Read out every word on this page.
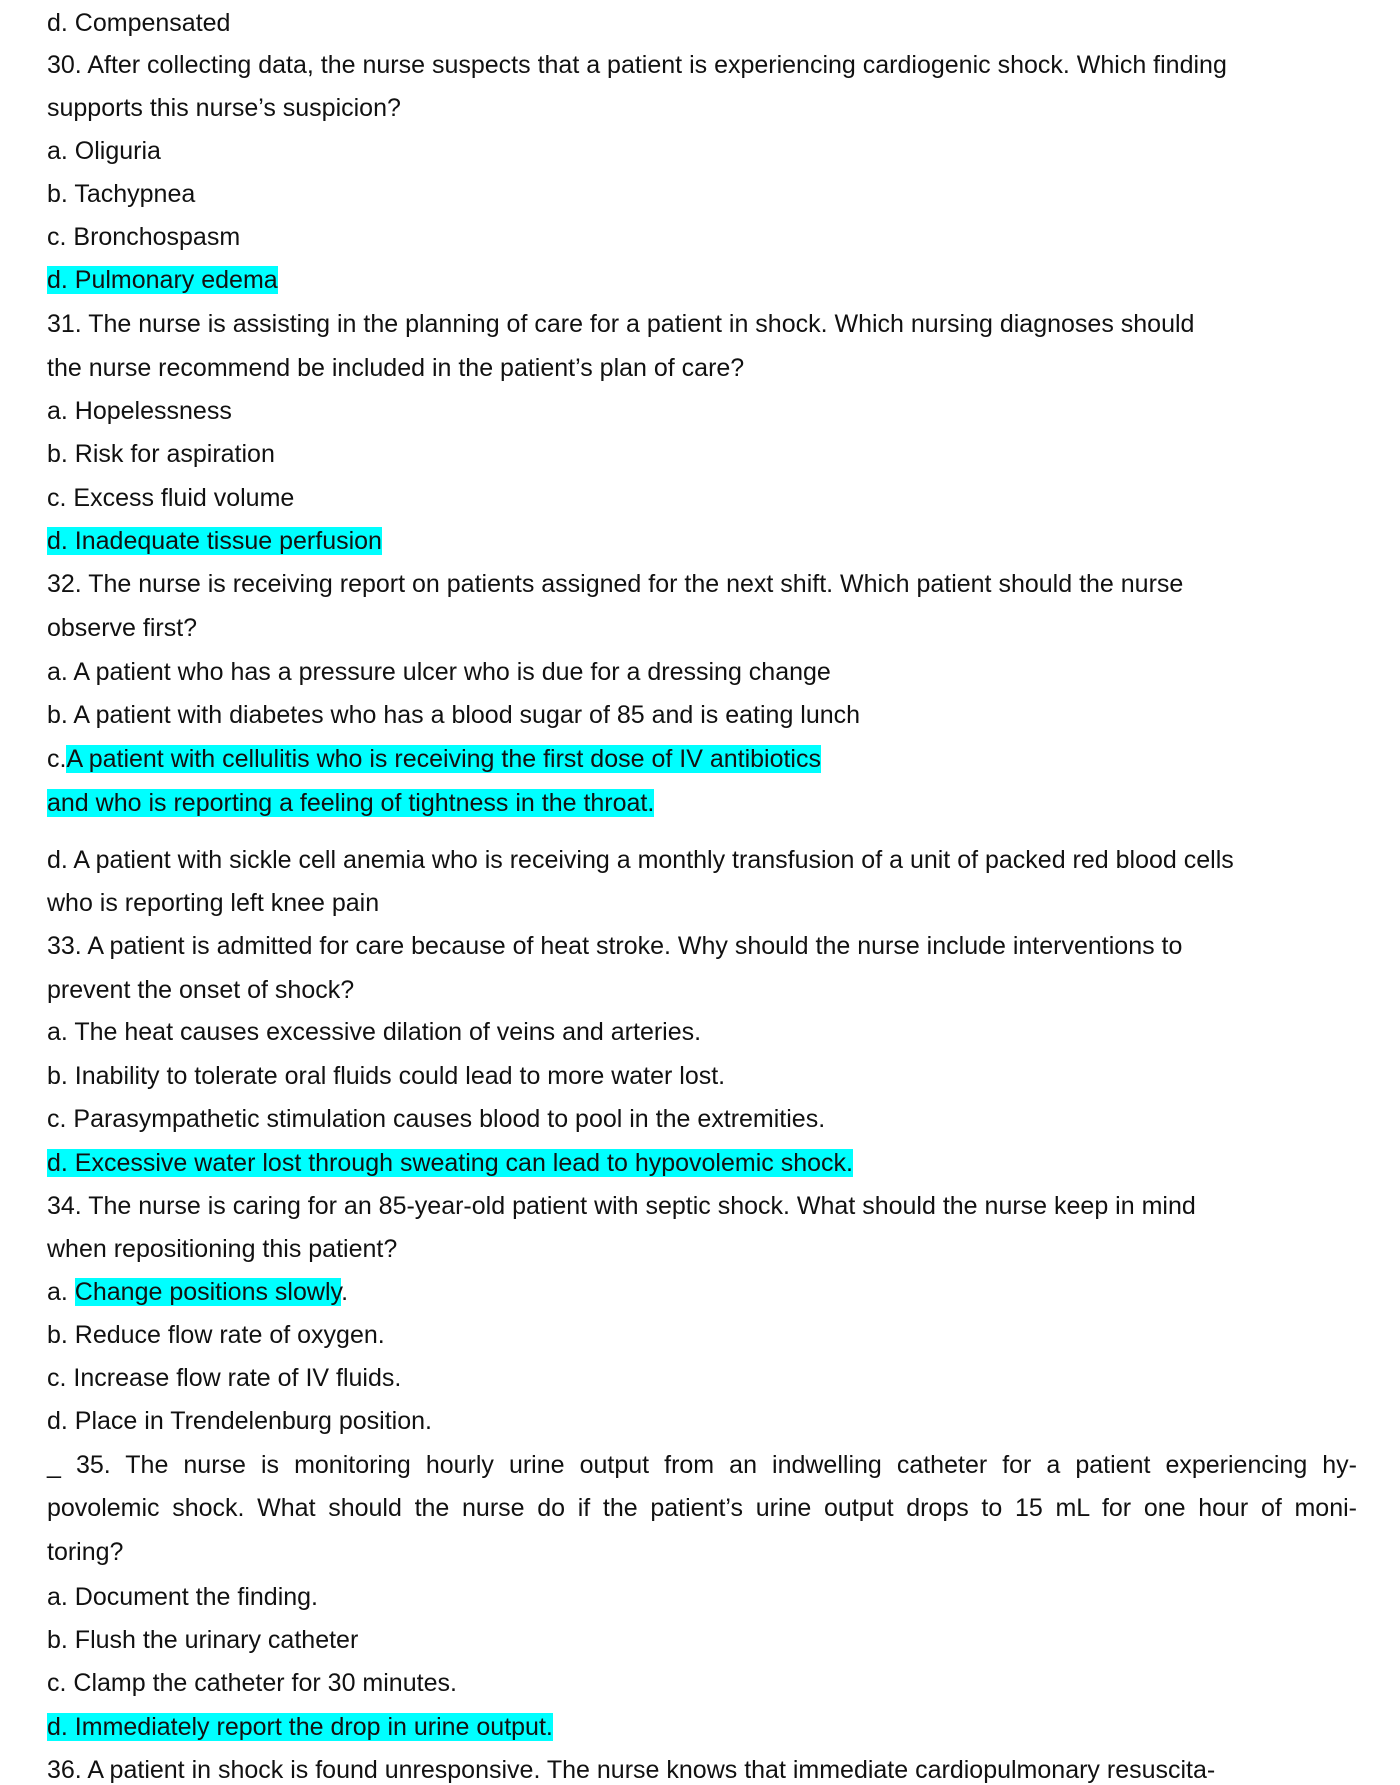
d. Compensated
30. After collecting data, the nurse suspects that a patient is experiencing cardiogenic shock. Which finding
supports this nurse’s suspicion?
a. Oliguria
b. Tachypnea
c. Bronchospasm
d. Pulmonary edema
31. The nurse is assisting in the planning of care for a patient in shock. Which nursing diagnoses should
the nurse recommend be included in the patient’s plan of care?
a. Hopelessness
b. Risk for aspiration
c. Excess fluid volume
d. Inadequate tissue perfusion
32. The nurse is receiving report on patients assigned for the next shift. Which patient should the nurse
observe first?
a. A patient who has a pressure ulcer who is due for a dressing change
b. A patient with diabetes who has a blood sugar of 85 and is eating lunch
c.A patient with cellulitis who is receiving the first dose of IV antibiotics
and who is reporting a feeling of tightness in the throat.
d. A patient with sickle cell anemia who is receiving a monthly transfusion of a unit of packed red blood cells
who is reporting left knee pain
33. A patient is admitted for care because of heat stroke. Why should the nurse include interventions to
prevent the onset of shock?
a. The heat causes excessive dilation of veins and arteries.
b. Inability to tolerate oral fluids could lead to more water lost.
c. Parasympathetic stimulation causes blood to pool in the extremities.
d. Excessive water lost through sweating can lead to hypovolemic shock.
34. The nurse is caring for an 85-year-old patient with septic shock. What should the nurse keep in mind
when repositioning this patient?
a. Change positions slowly.
b. Reduce flow rate of oxygen.
c. Increase flow rate of IV fluids.
d. Place in Trendelenburg position.
_ 35. The nurse is monitoring hourly urine output from an indwelling catheter for a patient experiencing hy-
povolemic shock. What should the nurse do if the patient’s urine output drops to 15 mL for one hour of moni-
toring?
a. Document the finding.
b. Flush the urinary catheter
c. Clamp the catheter for 30 minutes.
d. Immediately report the drop in urine output.
36. A patient in shock is found unresponsive. The nurse knows that immediate cardiopulmonary resuscita-
